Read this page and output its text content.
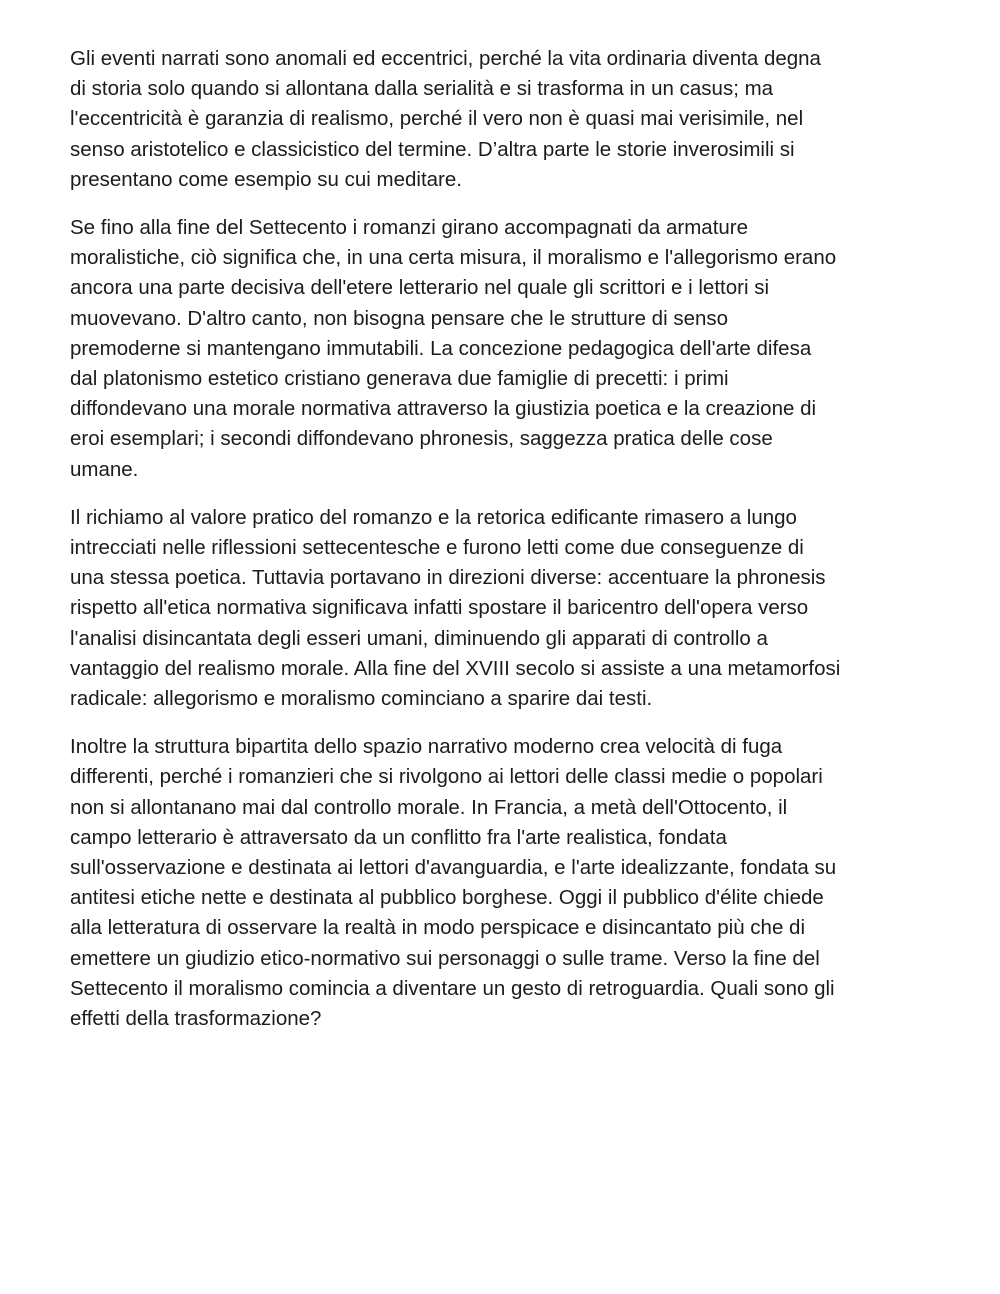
Gli eventi narrati sono anomali ed eccentrici, perché la vita ordinaria diventa degna
di storia solo quando si allontana dalla serialità e si trasforma in un casus; ma
l'eccentricità è garanzia di realismo, perché il vero non è quasi mai verisimile, nel
senso aristotelico e classicistico del termine. D’altra parte le storie inverosimili si
presentano come esempio su cui meditare.

Se fino alla fine del Settecento i romanzi girano accompagnati da armature
moralistiche, ciò significa che, in una certa misura, il moralismo e l'allegorismo erano
ancora una parte decisiva dell'etere letterario nel quale gli scrittori e i lettori si
muovevano. D'altro canto, non bisogna pensare che le strutture di senso
premoderne si mantengano immutabili. La concezione pedagogica dell'arte difesa
dal platonismo estetico cristiano generava due famiglie di precetti: i primi
diffondevano una morale normativa attraverso la giustizia poetica e la creazione di
eroi esemplari; i secondi diffondevano phronesis, saggezza pratica delle cose
umane.

Il richiamo al valore pratico del romanzo e la retorica edificante rimasero a lungo
intrecciati nelle riflessioni settecentesche e furono letti come due conseguenze di
una stessa poetica. Tuttavia portavano in direzioni diverse: accentuare la phronesis
rispetto all'etica normativa significava infatti spostare il baricentro dell'opera verso
l'analisi disincantata degli esseri umani, diminuendo gli apparati di controllo a
vantaggio del realismo morale. Alla fine del XVIII secolo si assiste a una metamorfosi
radicale: allegorismo e moralismo cominciano a sparire dai testi.

Inoltre la struttura bipartita dello spazio narrativo moderno crea velocità di fuga
differenti, perché i romanzieri che si rivolgono ai lettori delle classi medie o popolari
non si allontanano mai dal controllo morale. In Francia, a metà dell'Ottocento, il
campo letterario è attraversato da un conflitto fra l'arte realistica, fondata
sull'osservazione e destinata ai lettori d'avanguardia, e l'arte idealizzante, fondata su
antitesi etiche nette e destinata al pubblico borghese. Oggi il pubblico d'élite chiede
alla letteratura di osservare la realtà in modo perspicace e disincantato più che di
emettere un giudizio etico-normativo sui personaggi o sulle trame. Verso la fine del
Settecento il moralismo comincia a diventare un gesto di retroguardia. Quali sono gli
effetti della trasformazione?
